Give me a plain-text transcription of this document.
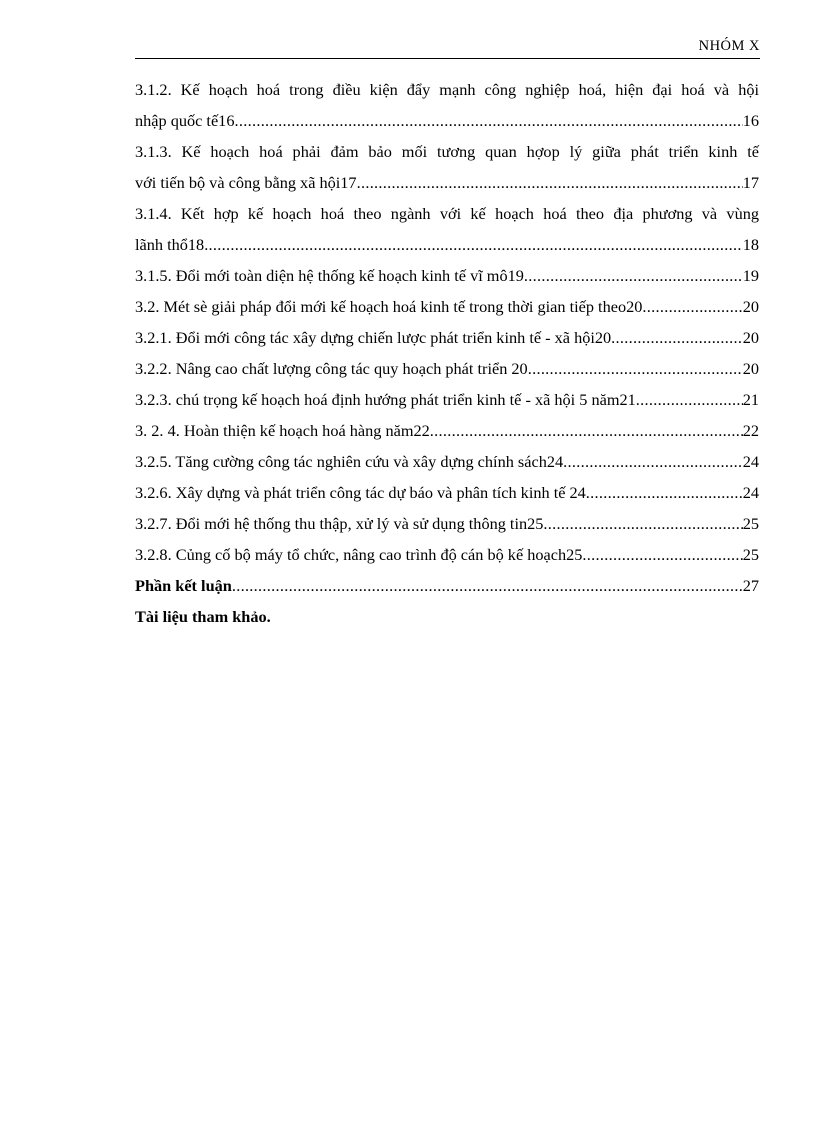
NHÓM X
3.1.2. Kế hoạch hoá trong điều kiện đẩy mạnh công nghiệp hoá, hiện đại hoá và hội
nhập quốc tế16 .....	16
3.1.3. Kế hoạch hoá phải đảm bảo mối tương quan hợop lý giữa phát triển kinh tế
với tiến bộ và công bằng xã hội17 .....	17
3.1.4. Kết hợp kế hoạch hoá theo ngành với kế hoạch hoá theo địa phương và vùng
lãnh thổ18 .....	18
3.1.5. Đổi mới toàn diện hệ thống kế hoạch kinh tế vĩ mô19 .....	19
3.2. Mét sè giải pháp đổi mới kế hoạch hoá kinh tế trong thời gian tiếp theo20 .....	20
3.2.1. Đổi mới công tác xây dựng chiến lược phát triển kinh tế - xã hội20 .....	20
3.2.2. Nâng cao chất lượng công tác quy hoạch phát triển 20 .....	20
3.2.3. chú trọng kế hoạch hoá định hướng phát triển kinh tế - xã hội 5 năm21 .....	21
3. 2. 4. Hoàn thiện kế hoạch hoá hàng năm22 .....	22
3.2.5. Tăng cường công tác nghiên cứu và xây dựng chính sách24 .....	24
3.2.6. Xây dựng và phát triển công tác dự báo và phân tích kinh tế 24 .....	24
3.2.7. Đổi mới hệ thống thu thập, xử lý và sử dụng thông tin25 .....	25
3.2.8. Củng cố bộ máy tổ chức, nâng cao trình độ cán bộ kế hoạch25 .....	25
Phần kết luận .....	27
Tài liệu tham khảo.
